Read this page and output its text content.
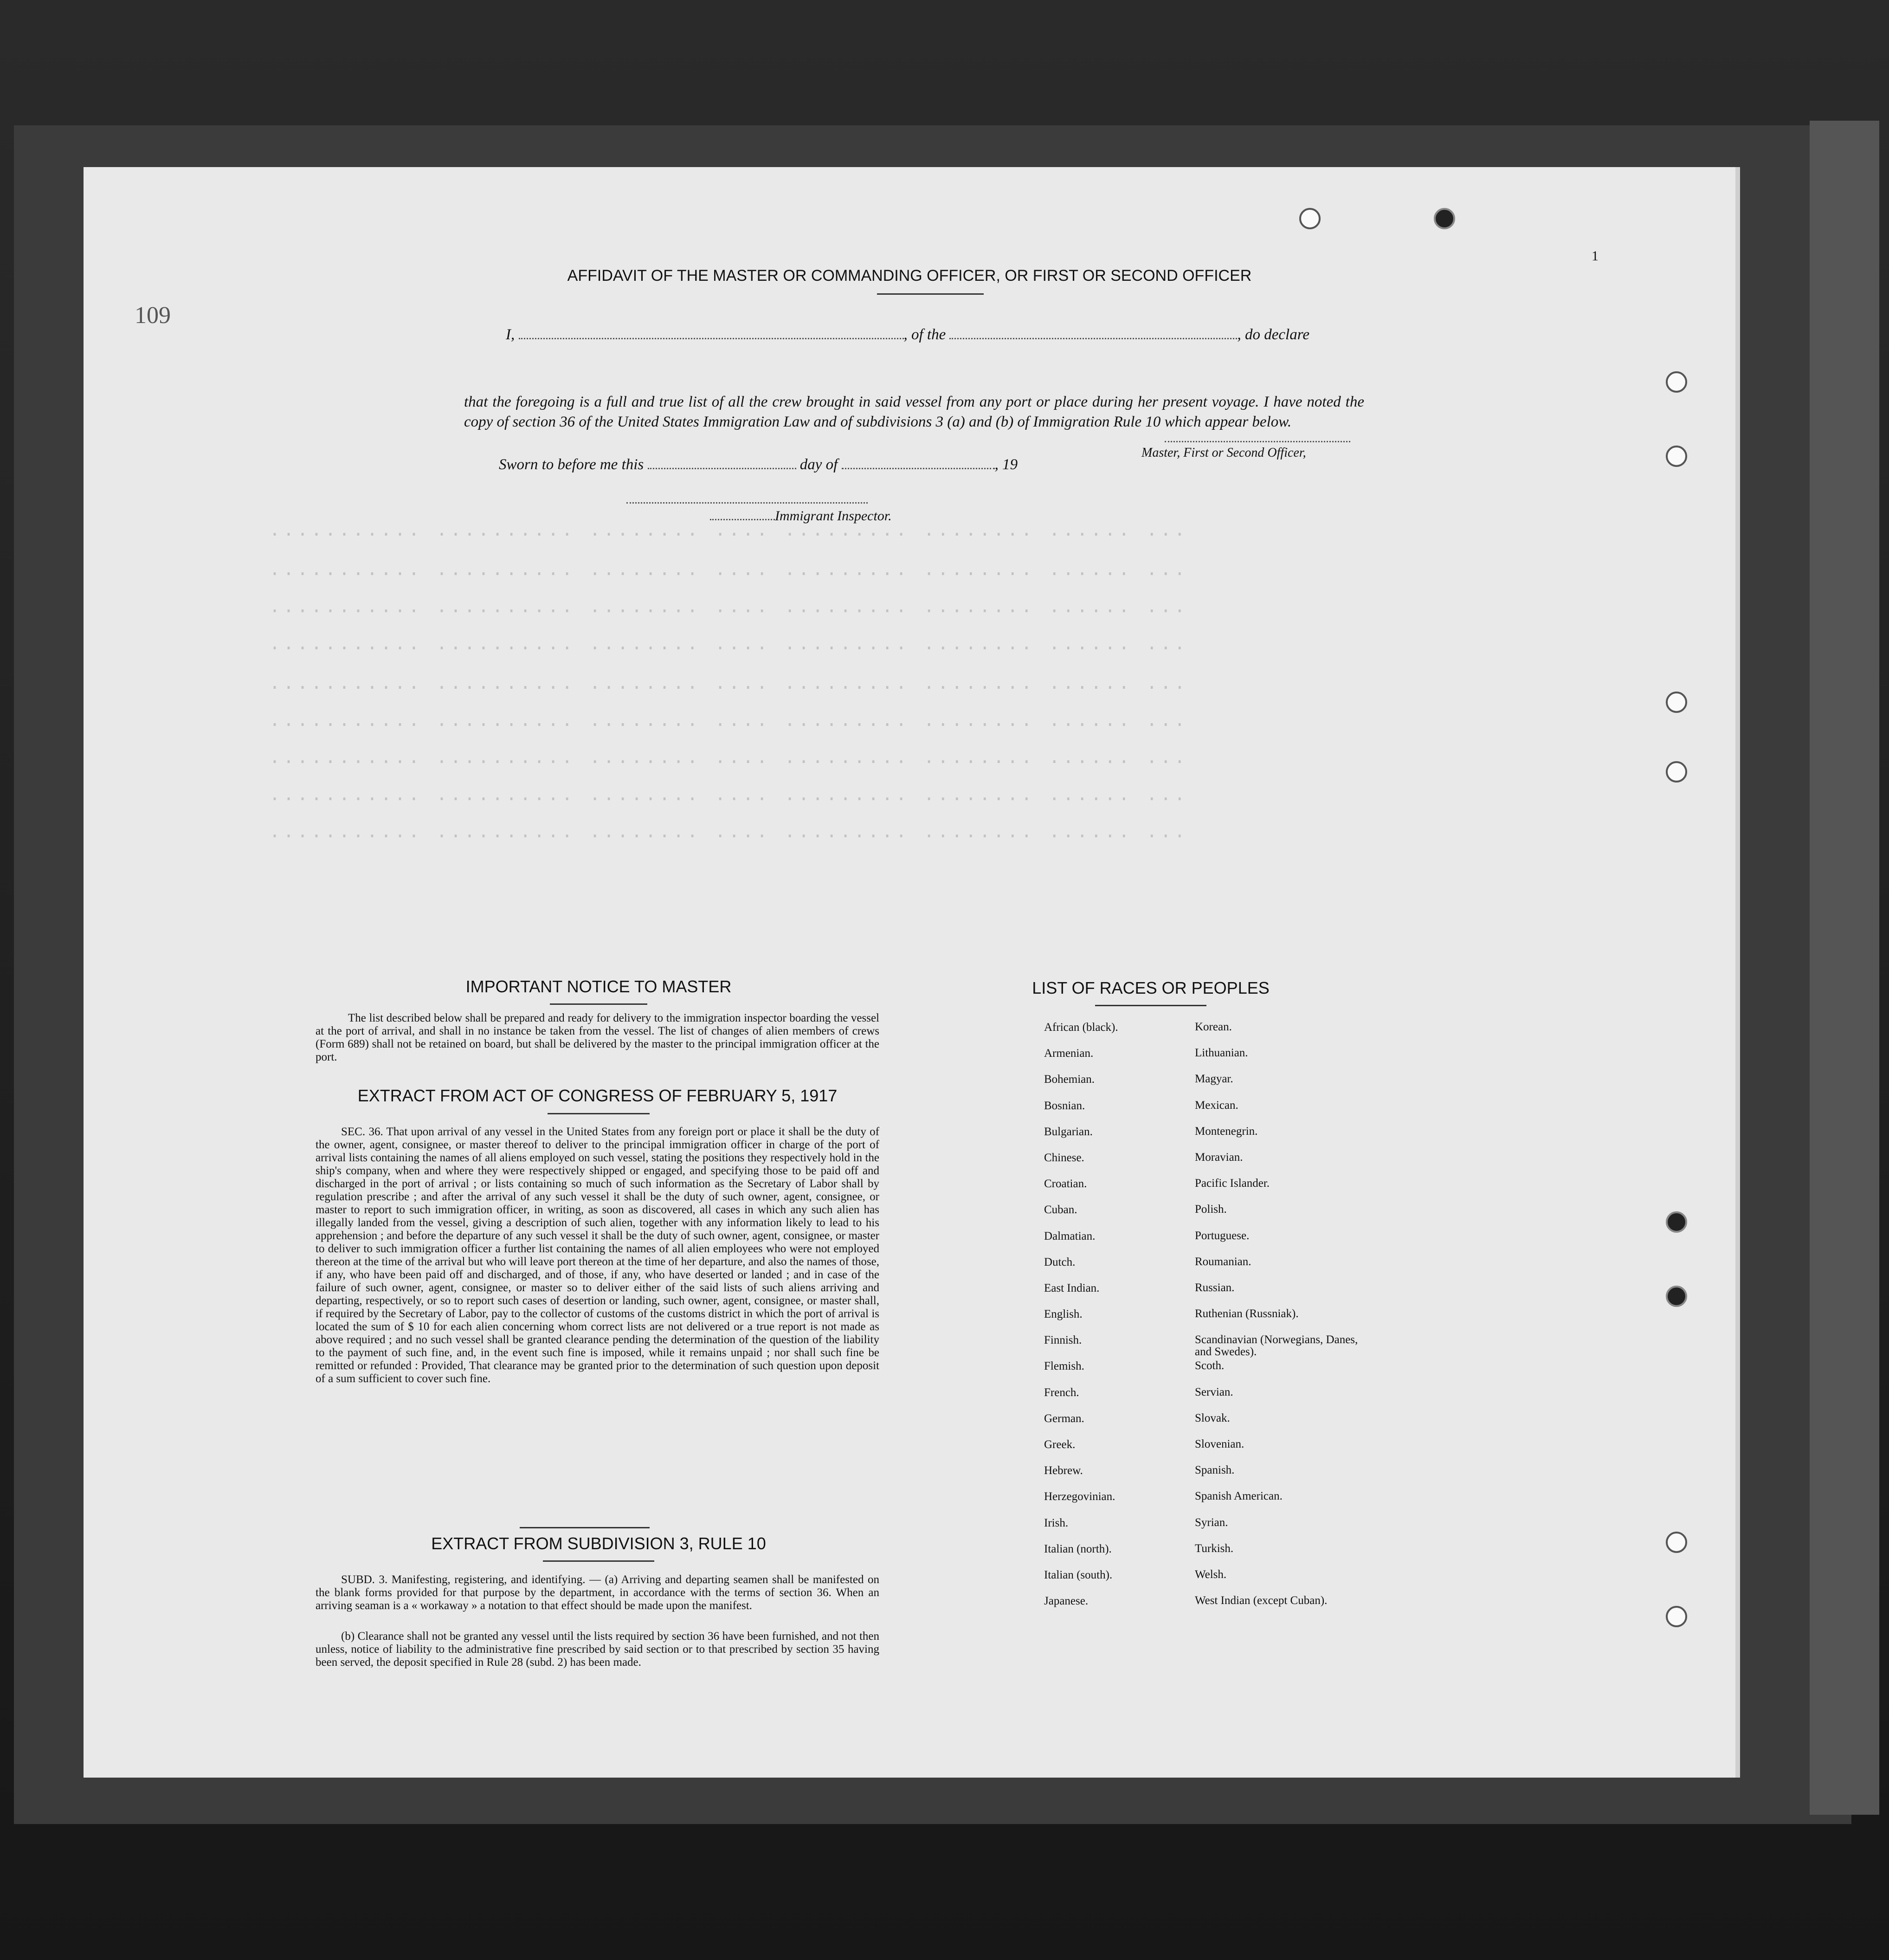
··········· ·········· ········ ···· ········· ········ ······ ···
··········· ·········· ········ ···· ········· ········ ······ ···
··········· ·········· ········ ···· ········· ········ ······ ···
··········· ·········· ········ ···· ········· ········ ······ ···
··········· ·········· ········ ···· ········· ········ ······ ···
··········· ·········· ········ ···· ········· ········ ······ ···
··········· ·········· ········ ···· ········· ········ ······ ···
··········· ·········· ········ ···· ········· ········ ······ ···
··········· ·········· ········ ···· ········· ········ ······ ···
109
1
AFFIDAVIT OF THE MASTER OR COMMANDING OFFICER, OR FIRST OR SECOND OFFICER
I,	, of the	, do declare
that the foregoing is a full and true list of all the crew brought in said vessel from any port or place during her present voyage. I have noted the copy of section 36 of the United States Immigration Law and of subdivisions 3 (a) and (b) of Immigration Rule 10 which appear below.
Master, First or Second Officer,
Sworn to before me this	day of	, 19
Immigrant Inspector.
IMPORTANT NOTICE TO MASTER
The list described below shall be prepared and ready for delivery to the immigration inspector boarding the vessel at the port of arrival, and shall in no instance be taken from the vessel. The list of changes of alien members of crews (Form 689) shall not be retained on board, but shall be delivered by the master to the principal immigration officer at the port.
EXTRACT FROM ACT OF CONGRESS OF FEBRUARY 5, 1917
SEC. 36. That upon arrival of any vessel in the United States from any foreign port or place it shall be the duty of the owner, agent, consignee, or master thereof to deliver to the principal immigration officer in charge of the port of arrival lists containing the names of all aliens employed on such vessel, stating the positions they respectively hold in the ship's company, when and where they were respectively shipped or engaged, and specifying those to be paid off and discharged in the port of arrival ; or lists containing so much of such information as the Secretary of Labor shall by regulation prescribe ; and after the arrival of any such vessel it shall be the duty of such owner, agent, consignee, or master to report to such immigration officer, in writing, as soon as discovered, all cases in which any such alien has illegally landed from the vessel, giving a description of such alien, together with any information likely to lead to his apprehension ; and before the departure of any such vessel it shall be the duty of such owner, agent, consignee, or master to deliver to such immigration officer a further list containing the names of all alien employees who were not employed thereon at the time of the arrival but who will leave port thereon at the time of her departure, and also the names of those, if any, who have been paid off and discharged, and of those, if any, who have deserted or landed ; and in case of the failure of such owner, agent, consignee, or master so to deliver either of the said lists of such aliens arriving and departing, respectively, or so to report such cases of desertion or landing, such owner, agent, consignee, or master shall, if required by the Secretary of Labor, pay to the collector of customs of the customs district in which the port of arrival is located the sum of $ 10 for each alien concerning whom correct lists are not delivered or a true report is not made as above required ; and no such vessel shall be granted clearance pending the determination of the question of the liability to the payment of such fine, and, in the event such fine is imposed, while it remains unpaid ; nor shall such fine be remitted or refunded : Provided, That clearance may be granted prior to the determination of such question upon deposit of a sum sufficient to cover such fine.
EXTRACT FROM SUBDIVISION 3, RULE 10
SUBD. 3. Manifesting, registering, and identifying. — (a) Arriving and departing seamen shall be manifested on the blank forms provided for that purpose by the department, in accordance with the terms of section 36. When an arriving seaman is a « workaway » a notation to that effect should be made upon the manifest.
(b) Clearance shall not be granted any vessel until the lists required by section 36 have been furnished, and not then unless, notice of liability to the administrative fine prescribed by said section or to that prescribed by section 35 having been served, the deposit specified in Rule 28 (subd. 2) has been made.
LIST OF RACES OR PEOPLES
African (black).	Korean.
Armenian.	Lithuanian.
Bohemian.	Magyar.
Bosnian.	Mexican.
Bulgarian.	Montenegrin.
Chinese.	Moravian.
Croatian.	Pacific Islander.
Cuban.	Polish.
Dalmatian.	Portuguese.
Dutch.	Roumanian.
East Indian.	Russian.
English.	Ruthenian (Russniak).
Finnish.	Scandinavian (Norwegians, Danes, and Swedes).
Flemish.	Scoth.
French.	Servian.
German.	Slovak.
Greek.	Slovenian.
Hebrew.	Spanish.
Herzegovinian.	Spanish American.
Irish.	Syrian.
Italian (north).	Turkish.
Italian (south).	Welsh.
Japanese.	West Indian (except Cuban).
